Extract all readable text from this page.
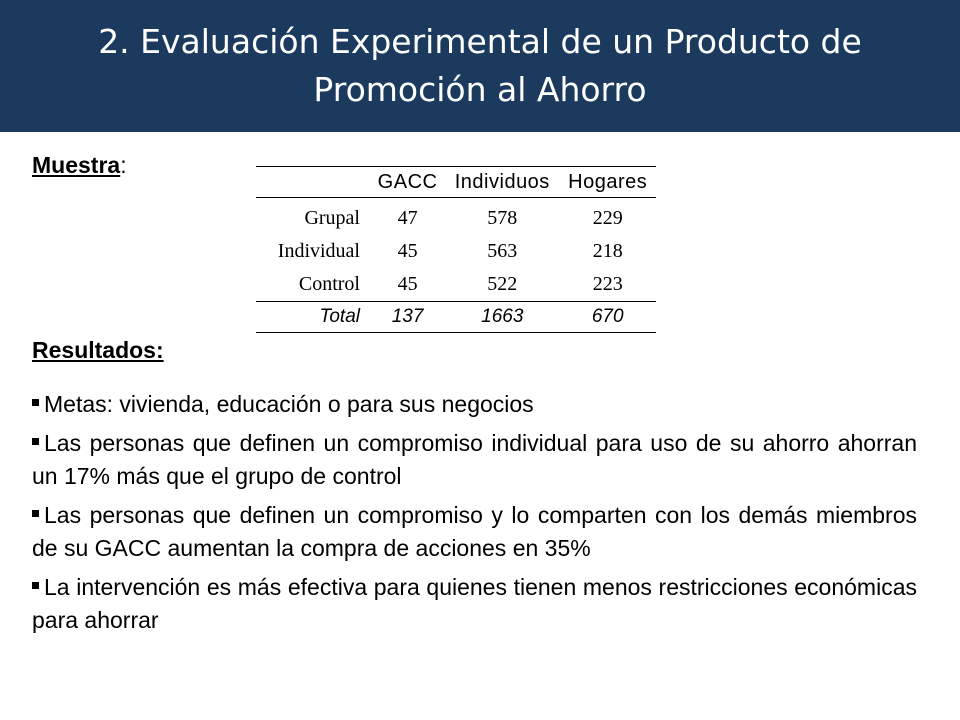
2. Evaluación Experimental de un Producto de
Promoción al Ahorro
Muestra:
	GACC	Individuos	Hogares
Grupal	47	578	229
Individual	45	563	218
Control	45	522	223
Total	137	1663	670
Resultados:
Metas: vivienda, educación o para sus negocios
Las personas que definen un compromiso individual para uso de su ahorro ahorran un 17% más que el grupo de control
Las personas que definen un compromiso y lo comparten con los demás miembros de su GACC aumentan la compra de acciones en 35%
La intervención es más efectiva para quienes tienen menos restricciones económicas para ahorrar
